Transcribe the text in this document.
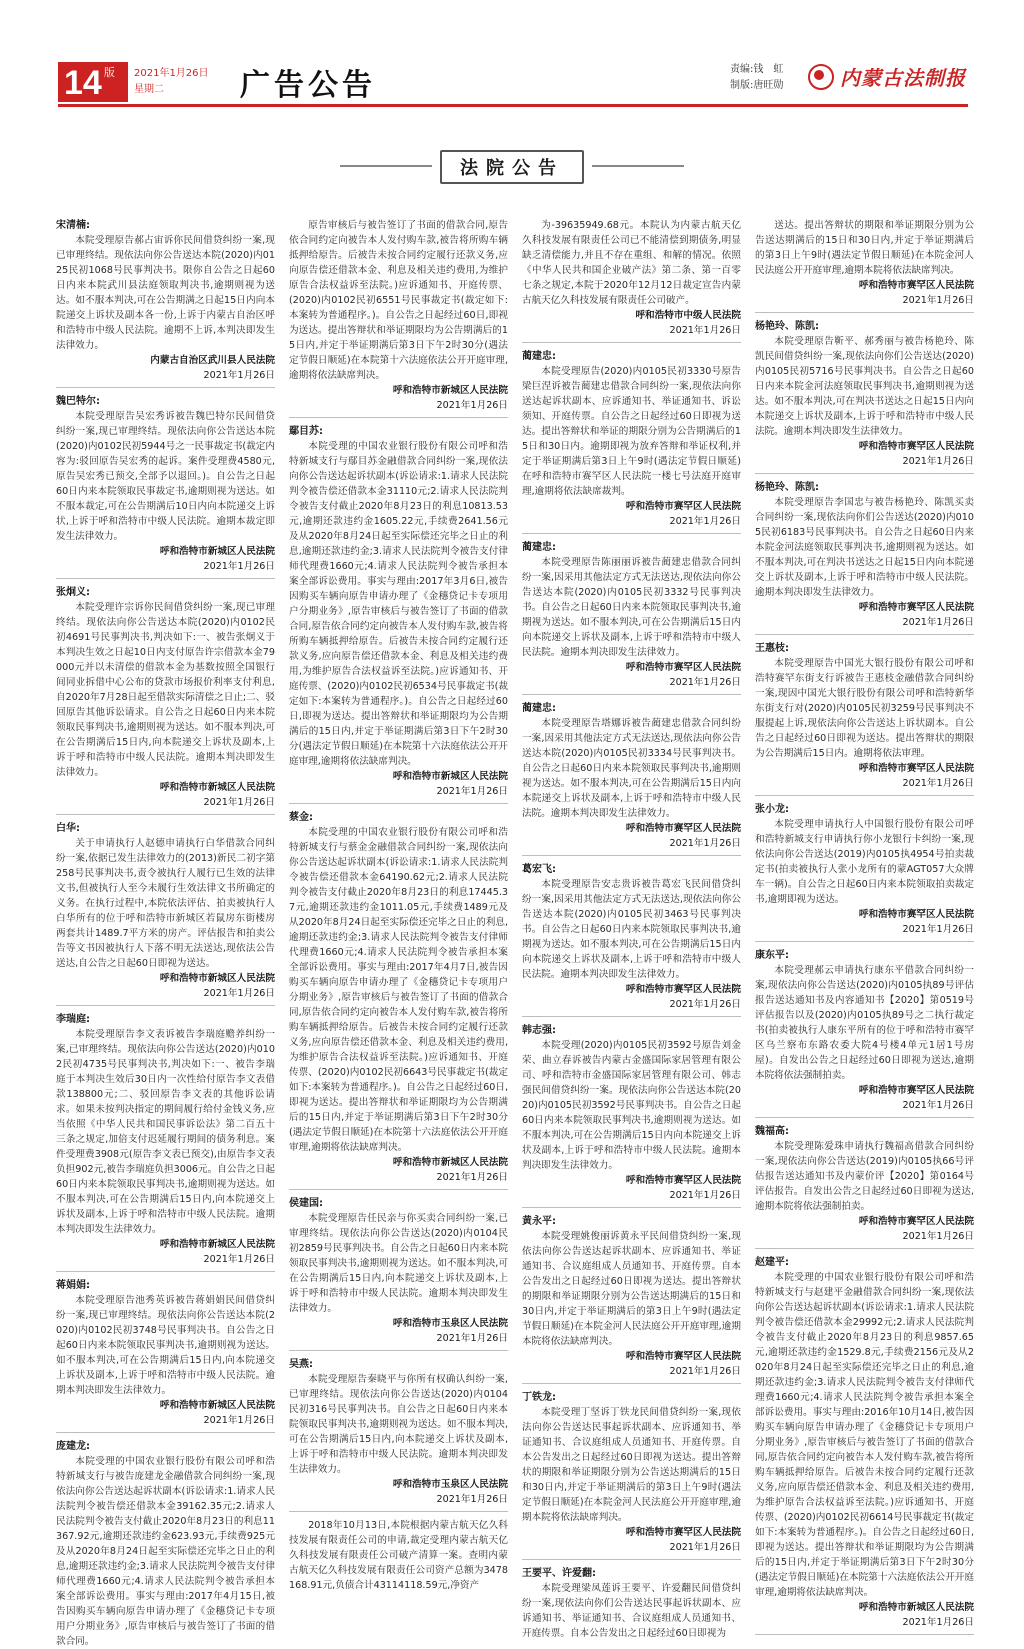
14 版 2021年1月26日
星期二	广告公告	责编:钱　虹
制版:唐旺勋	内蒙古法制报
法院公告
宋清楠:
本院受理原告郝占宙诉你民间借贷纠纷一案,现已审理终结。现依法向你公告送达本院(2020)内0125民初1068号民事判决书。限你自公告之日起60日内来本院武川县法庭领取判决书,逾期则视为送达。如不服本判决,可在公告期满之日起15日内向本院递交上诉状及副本各一份,上诉于内蒙古自治区呼和浩特市中级人民法院。逾期不上诉,本判决即发生法律效力。
内蒙古自治区武川县人民法院
2021年1月26日
魏巴特尔:
本院受理原告吴宏秀诉被告魏巴特尔民间借贷纠纷一案,现已审理终结。现依法向你公告送达本院(2020)内0102民初5944号之一民事裁定书(裁定内容为:驳回原告吴宏秀的起诉。案件受理费4580元,原告吴宏秀已预交,全部予以退回。)。自公告之日起60日内来本院领取民事裁定书,逾期则视为送达。如不服本裁定,可在公告期满后10日内向本院递交上诉状,上诉于呼和浩特市中级人民法院。逾期本裁定即发生法律效力。
呼和浩特市新城区人民法院
2021年1月26日
张炯义:
本院受理许宗诉你民间借贷纠纷一案,现已审理终结。现依法向你公告送达本院(2020)内0102民初4691号民事判决书,判决如下:一、被告张炯义于本判决生效之日起10日内支付原告许宗借款本金79000元并以未清偿的借款本金为基数按照全国银行间同业拆借中心公布的贷款市场报价利率支付利息,自2020年7月28日起至借款实际清偿之日止;二、驳回原告其他诉讼请求。自公告之日起60日内来本院领取民事判决书,逾期则视为送达。如不服本判决,可在公告期满后15日内,向本院递交上诉状及副本,上诉于呼和浩特市中级人民法院。逾期本判决即发生法律效力。
呼和浩特市新城区人民法院
2021年1月26日
白华:
关于申请执行人赵德申请执行白华借款合同纠纷一案,依据已发生法律效力的(2013)新民二初字第258号民事判决书,责令被执行人履行已生效的法律文书,但被执行人至今未履行生效法律文书所确定的义务。在执行过程中,本院依法评估、拍卖被执行人白华所有的位于呼和浩特市新城区若鼠房东街楼房两套共计1489.7平方米的房产。评估报告和拍卖公告等文书因被执行人下落不明无法送达,现依法公告送达,自公告之日起60日即视为送达。
呼和浩特市新城区人民法院
2021年1月26日
李瑞庭:
本院受理原告李文表诉被告李瑞庭赡养纠纷一案,已审理终结。现依法向你公告送达(2020)内0102民初4735号民事判决书,判决如下:一、被告李瑞庭于本判决生效后30日内一次性给付原告李文表借款138800元;二、驳回原告李文表的其他诉讼请求。如果未按判决指定的期间履行给付金钱义务,应当依照《中华人民共和国民事诉讼法》第二百五十三条之规定,加倍支付迟延履行期间的债务利息。案件受理费3908元(原告李文表已预交),由原告李文表负担902元,被告李瑞庭负担3006元。自公告之日起60日内来本院领取民事判决书,逾期则视为送达。如不服本判决,可在公告期满后15日内,向本院递交上诉状及副本,上诉于呼和浩特市中级人民法院。逾期本判决即发生法律效力。
呼和浩特市新城区人民法院
2021年1月26日
蒋娟娟:
本院受理原告池秀英诉被告蒋娟娟民间借贷纠纷一案,现已审理终结。现依法向你公告送达本院(2020)内0102民初3748号民事判决书。自公告之日起60日内来本院领取民事判决书,逾期则视为送达。如不服本判决,可在公告期满后15日内,向本院递交上诉状及副本,上诉于呼和浩特市中级人民法院。逾期本判决即发生法律效力。
呼和浩特市新城区人民法院
2021年1月26日
庞建龙:
本院受理的中国农业银行股份有限公司呼和浩特新城支行与被告庞建龙金融借款合同纠纷一案,现依法向你公告送达起诉状副本(诉讼请求:1.请求人民法院判令被告偿还借款本金39162.35元;2.请求人民法院判令被告支付截止2020年8月23日的利息11367.92元,逾期还款违约金623.93元,手续费925元及从2020年8月24日起至实际偿还完毕之日止的利息,逾期还款违约金;3.请求人民法院判令被告支付律师代理费1660元;4.请求人民法院判令被告承担本案全部诉讼费用。事实与理由:2017年4月15日,被告因购买车辆向原告申请办理了《金穗贷记卡专项用户分期业务》,原告审核后与被告签订了书面的借款合同。
原告审核后与被告签订了书面的借款合同,原告依合同约定向被告本人发付购车款,被告将所购车辆抵押给原告。后被告未按合同约定履行还款义务,应向原告偿还借款本金、利息及相关违约费用,为维护原告合法权益诉至法院。)应诉通知书、开庭传票、(2020)内0102民初6551号民事裁定书(裁定如下:本案转为普通程序。)。自公告之日起经过60日,即视为送达。提出答辩状和举证期限均为公告期满后的15日内,并定于举证期满后第3日下午2时30分(遇法定节假日顺延)在本院第十六法庭依法公开开庭审理,逾期将依法缺席判决。
呼和浩特市新城区人民法院
2021年1月26日
鄢目苏:
本院受理的中国农业银行股份有限公司呼和浩特新城支行与鄢目苏金融借款合同纠纷一案,现依法向你公告送达起诉状副本(诉讼请求:1.请求人民法院判令被告偿还借款本金31110元;2.请求人民法院判令被告支付截止2020年8月23日的利息10813.53元,逾期还款违约金1605.22元,手续费2641.56元及从2020年8月24日起至实际偿还完毕之日止的利息,逾期还款违约金;3.请求人民法院判令被告支付律师代理费1660元;4.请求人民法院判令被告承担本案全部诉讼费用。事实与理由:2017年3月6日,被告因购买车辆向原告申请办理了《金穗贷记卡专项用户分期业务》,原告审核后与被告签订了书面的借款合同,原告依合同约定向被告本人发付购车款,被告将所购车辆抵押给原告。后被告未按合同约定履行还款义务,应向原告偿还借款本金、利息及相关违约费用,为维护原告合法权益诉至法院。)应诉通知书、开庭传票、(2020)内0102民初6534号民事裁定书(裁定如下:本案转为普通程序。)。自公告之日起经过60日,即视为送达。提出答辩状和举证期限均为公告期满后的15日内,并定于举证期满后第3日下午2时30分(遇法定节假日顺延)在本院第十六法庭依法公开开庭审理,逾期将依法缺席判决。
呼和浩特市新城区人民法院
2021年1月26日
蔡金:
本院受理的中国农业银行股份有限公司呼和浩特新城支行与蔡金金融借款合同纠纷一案,现依法向你公告送达起诉状副本(诉讼请求:1.请求人民法院判令被告偿还借款本金64190.62元;2.请求人民法院判令被告支付截止2020年8月23日的利息17445.37元,逾期还款违约金1011.05元,手续费1489元及从2020年8月24日起至实际偿还完毕之日止的利息,逾期还款违约金;3.请求人民法院判令被告支付律师代理费1660元;4.请求人民法院判令被告承担本案全部诉讼费用。事实与理由:2017年4月7日,被告因购买车辆向原告申请办理了《金穗贷记卡专项用户分期业务》,原告审核后与被告签订了书面的借款合同,原告依合同约定向被告本人发付购车款,被告将所购车辆抵押给原告。后被告未按合同约定履行还款义务,应向原告偿还借款本金、利息及相关违约费用,为维护原告合法权益诉至法院。)应诉通知书、开庭传票、(2020)内0102民初6643号民事裁定书(裁定如下:本案转为普通程序。)。自公告之日起经过60日,即视为送达。提出答辩状和举证期限均为公告期满后的15日内,并定于举证期满后第3日下午2时30分(遇法定节假日顺延)在本院第十六法庭依法公开开庭审理,逾期将依法缺席判决。
呼和浩特市新城区人民法院
2021年1月26日
侯建国:
本院受理原告任民亲与你买卖合同纠纷一案,已审理终结。现依法向你公告送达(2020)内0104民初2859号民事判决书。自公告之日起60日内来本院领取民事判决书,逾期则视为送达。如不服本判决,可在公告期满后15日内,向本院递交上诉状及副本,上诉于呼和浩特市中级人民法院。逾期本判决即发生法律效力。
呼和浩特市玉泉区人民法院
2021年1月26日
吴燕:
本院受理原告秦晓平与你所有权确认纠纷一案,已审理终结。现依法向你公告送达(2020)内0104民初316号民事判决书。自公告之日起60日内来本院领取民事判决书,逾期则视为送达。如不服本判决,可在公告期满后15日内,向本院递交上诉状及副本,上诉于呼和浩特市中级人民法院。逾期本判决即发生法律效力。
呼和浩特市玉泉区人民法院
2021年1月26日
2018年10月13日,本院根据内蒙古航天亿久科技发展有限责任公司的申请,裁定受理内蒙古航天亿久科技发展有限责任公司破产清算一案。查明内蒙古航天亿久科技发展有限责任公司资产总额为3478168.91元,负债合计43114118.59元,净资产
为-39635949.68元。本院认为内蒙古航天亿久科技发展有限责任公司已不能清偿到期债务,明显缺乏清偿能力,并且不存在重组、和解的情况。依照《中华人民共和国企业破产法》第二条、第一百零七条之规定,本院于2020年12月12日裁定宣告内蒙古航天亿久科技发展有限责任公司破产。
呼和浩特市中级人民法院
2021年1月26日
蔺建忠:
本院受理原告(2020)内0105民初3330号原告梁巨涅诉被告蔺建忠借款合同纠纷一案,现依法向你送达起诉状副本、应诉通知书、举证通知书、诉讼须知、开庭传票。自公告之日起经过60日即视为送达。提出答辩状和举证的期限分别为公告期满后的15日和30日内。逾期即视为放弃答辩和举证权利,并定于举证期满后第3日上午9时(遇法定节假日顺延)在呼和浩特市赛罕区人民法院一楼七号法庭开庭审理,逾期将依法缺席裁判。
呼和浩特市赛罕区人民法院
2021年1月26日
蔺建忠:
本院受理原告陈丽丽诉被告蔺建忠借款合同纠纷一案,因采用其他法定方式无法送达,现依法向你公告送达本院(2020)内0105民初3332号民事判决书。自公告之日起60日内来本院领取民事判决书,逾期视为送达。如不服本判决,可在公告期满后15日内向本院递交上诉状及副本,上诉于呼和浩特市中级人民法院。逾期本判决即发生法律效力。
呼和浩特市赛罕区人民法院
2021年1月26日
蔺建忠:
本院受理原告塔娜诉被告蔺建忠借款合同纠纷一案,因采用其他法定方式无法送达,现依法向你公告送达本院(2020)内0105民初3334号民事判决书。自公告之日起60日内来本院领取民事判决书,逾期则视为送达。如不服本判决,可在公告期满后15日内向本院递交上诉状及副本,上诉于呼和浩特市中级人民法院。逾期本判决即发生法律效力。
呼和浩特市赛罕区人民法院
2021年1月26日
葛宏飞:
本院受理原告安志贵诉被告葛宏飞民间借贷纠纷一案,因采用其他法定方式无法送达,现依法向你公告送达本院(2020)内0105民初3463号民事判决书。自公告之日起60日内来本院领取民事判决书,逾期视为送达。如不服本判决,可在公告期满后15日内向本院递交上诉状及副本,上诉于呼和浩特市中级人民法院。逾期本判决即发生法律效力。
呼和浩特市赛罕区人民法院
2021年1月26日
韩志强:
本院受理(2020)内0105民初3592号原告刘金荣、曲立春诉被告内蒙古金盛国际家居管理有限公司、呼和浩特市金盛国际家居管理有限公司、韩志强民间借贷纠纷一案。现依法向你公告送达本院(2020)内0105民初3592号民事判决书。自公告之日起60日内来本院领取民事判决书,逾期则视为送达。如不服本判决,可在公告期满后15日内向本院递交上诉状及副本,上诉于呼和浩特市中级人民法院。逾期本判决即发生法律效力。
呼和浩特市赛罕区人民法院
2021年1月26日
黄永平:
本院受理姚俊丽诉黄永平民间借贷纠纷一案,现依法向你公告送达起诉状副本、应诉通知书、举证通知书、合议庭组成人员通知书、开庭传票。自本公告发出之日起经过60日即视为送达。提出答辩状的期限和举证期限分别为公告送达期满后的15日和30日内,并定于举证期满后的第3日上午9时(遇法定节假日顺延)在本院金河人民法庭公开开庭审理,逾期本院将依法缺席判决。
呼和浩特市赛罕区人民法院
2021年1月26日
丁铁龙:
本院受理丁坚诉丁铁龙民间借贷纠纷一案,现依法向你公告送达民事起诉状副本、应诉通知书、举证通知书、合议庭组成人员通知书、开庭传票。自本公告发出之日起经过60日即视为送达。提出答辩状的期限和举证期限分别为公告送达期满后的15日和30日内,并定于举证期满后的第3日上午9时(遇法定节假日顺延)在本院金河人民法庭公开开庭审理,逾期本院将依法缺席判决。
呼和浩特市赛罕区人民法院
2021年1月26日
王要平、许爱翻:
本院受理梁凤莲诉王要平、许爱翻民间借贷纠纷一案,现依法向你们公告送达民事起诉状副本、应诉通知书、举证通知书、合议庭组成人员通知书、开庭传票。自本公告发出之日起经过60日即视为
送达。提出答辩状的期限和举证期限分别为公告送达期满后的15日和30日内,并定于举证期满后的第3日上午9时(遇法定节假日顺延)在本院金河人民法庭公开开庭审理,逾期本院将依法缺席判决。
呼和浩特市赛罕区人民法院
2021年1月26日
杨艳玲、陈凯:
本院受理原告靳平、郝秀丽与被告杨艳玲、陈凯民间借贷纠纷一案,现依法向你们公告送达(2020)内0105民初5716号民事判决书。自公告之日起60日内来本院金河法庭领取民事判决书,逾期则视为送达。如不服本判决,可在判决书送达之日起15日内向本院递交上诉状及副本,上诉于呼和浩特市中级人民法院。逾期本判决即发生法律效力。
呼和浩特市赛罕区人民法院
2021年1月26日
杨艳玲、陈凯:
本院受理原告李国忠与被告杨艳玲、陈凯买卖合同纠纷一案,现依法向你们公告送达(2020)内0105民初6183号民事判决书。自公告之日起60日内来本院金河法庭领取民事判决书,逾期则视为送达。如不服本判决,可在判决书送达之日起15日内向本院递交上诉状及副本,上诉于呼和浩特市中级人民法院。逾期本判决即发生法律效力。
呼和浩特市赛罕区人民法院
2021年1月26日
王惠枝:
本院受理原告中国光大银行股份有限公司呼和浩特赛罕东街支行诉被告王惠枝金融借款合同纠纷一案,现因中国光大银行股份有限公司呼和浩特新华东街支行对(2020)内0105民初3259号民事判决不服提起上诉,现依法向你公告送达上诉状副本。自公告之日起经过60日即视为送达。提出答辩状的期限为公告期满后15日内。逾期将依法审理。
呼和浩特市赛罕区人民法院
2021年1月26日
张小龙:
本院受理申请执行人中国银行股份有限公司呼和浩特新城支行申请执行你小龙银行卡纠纷一案,现依法向你公告送达(2019)内0105执4954号拍卖裁定书(拍卖被执行人张小龙所有的蒙AGT057大众牌车一辆)。自公告之日起60日内来本院领取拍卖裁定书,逾期即视为送达。
呼和浩特市赛罕区人民法院
2021年1月26日
康东平:
本院受理郝云申请执行康东平借款合同纠纷一案,现依法向你公告送达(2020)内0105执89号评估报告送达通知书及内容通知书【2020】第0519号评估报告以及(2020)内0105执89号之二执行裁定书(拍卖被执行人康东平所有的位于呼和浩特市赛罕区乌兰察布东路农委大院4号楼4单元1居1号房屋)。自发出公告之日起经过60日即视为送达,逾期本院将依法强制拍卖。
呼和浩特市赛罕区人民法院
2021年1月26日
魏福高:
本院受理陈爱珠申请执行魏福高借款合同纠纷一案,现依法向你公告送达(2019)内0105执66号评估报告送达通知书及内蒙价评【2020】第0164号评估报告。自发出公告之日起经过60日即视为送达,逾期本院将依法强制拍卖。
呼和浩特市赛罕区人民法院
2021年1月26日
赵建平:
本院受理的中国农业银行股份有限公司呼和浩特新城支行与赵建平金融借款合同纠纷一案,现依法向你公告送达起诉状副本(诉讼请求:1.请求人民法院判令被告偿还借款本金29992元;2.请求人民法院判令被告支付截止2020年8月23日的利息9857.65元,逾期还款违约金1529.8元,手续费2156元及从2020年8月24日起至实际偿还完毕之日止的利息,逾期还款违约金;3.请求人民法院判令被告支付律师代理费1660元;4.请求人民法院判令被告承担本案全部诉讼费用。事实与理由:2016年10月14日,被告因购买车辆向原告申请办理了《金穗贷记卡专项用户分期业务》,原告审核后与被告签订了书面的借款合同,原告依合同约定向被告本人发付购车款,被告将所购车辆抵押给原告。后被告未按合同约定履行还款义务,应向原告偿还借款本金、利息及相关违约费用,为维护原告合法权益诉至法院。)应诉通知书、开庭传票、(2020)内0102民初6614号民事裁定书(裁定如下:本案转为普通程序。)。自公告之日起经过60日,即视为送达。提出答辩状和举证期限均为公告期满后的15日内,并定于举证期满后第3日下午2时30分(遇法定节假日顺延)在本院第十六法庭依法公开开庭审理,逾期将依法缺席判决。
呼和浩特市新城区人民法院
2021年1月26日
